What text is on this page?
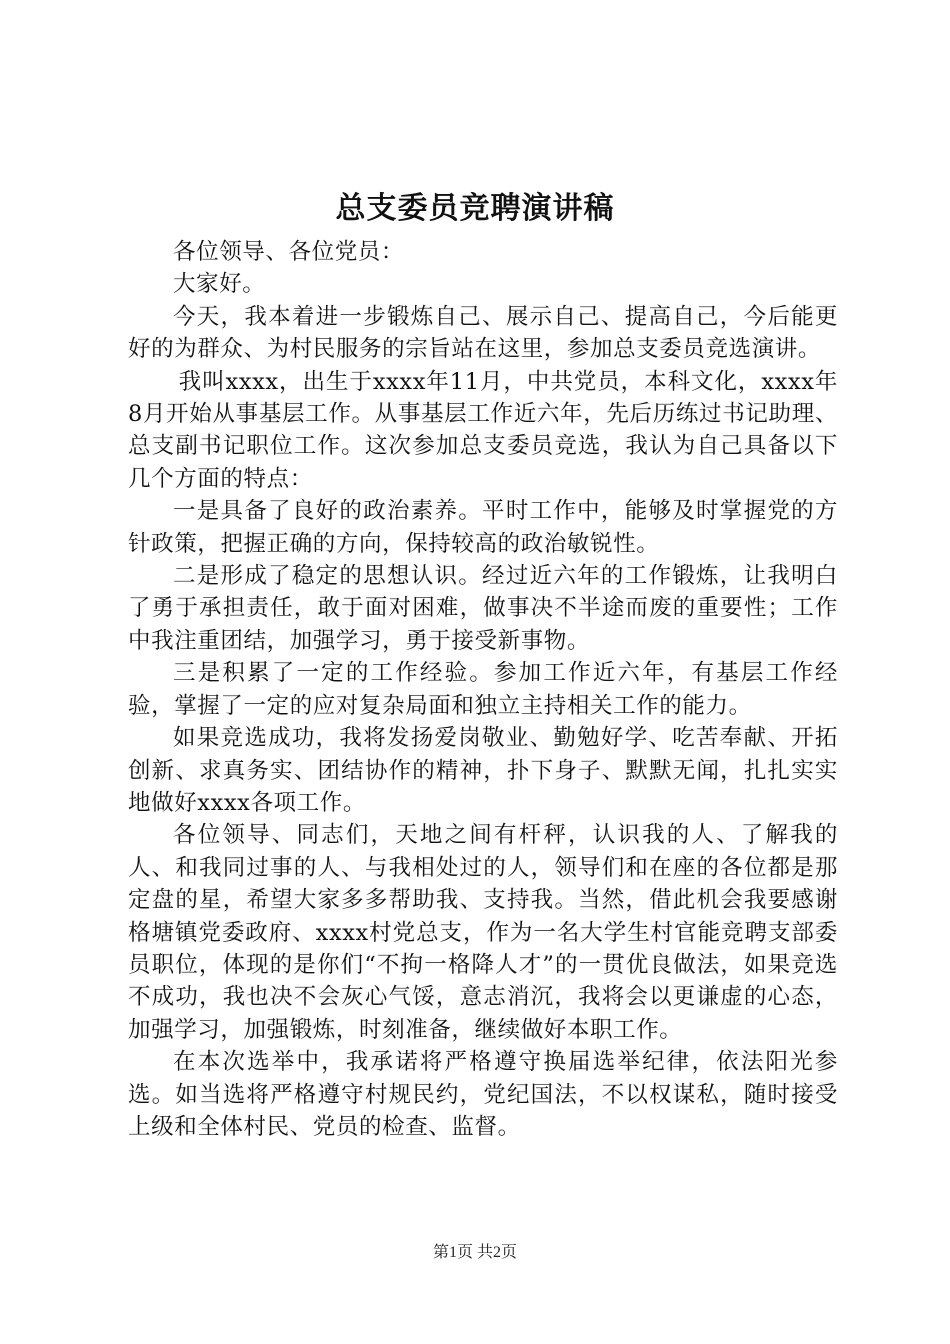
总支委员竞聘演讲稿

各位领导、各位党员：

大家好。

今天，我本着进一步锻炼自己、展示自己、提高自己，今后能更好的为群众、为村民服务的宗旨站在这里，参加总支委员竞选演讲。

我叫xxxx，出生于xxxx年11月，中共党员，本科文化，xxxx年8月开始从事基层工作。从事基层工作近六年，先后历练过书记助理、总支副书记职位工作。这次参加总支委员竞选，我认为自己具备以下几个方面的特点：

一是具备了良好的政治素养。平时工作中，能够及时掌握党的方针政策，把握正确的方向，保持较高的政治敏锐性。

二是形成了稳定的思想认识。经过近六年的工作锻炼，让我明白了勇于承担责任，敢于面对困难，做事决不半途而废的重要性；工作中我注重团结，加强学习，勇于接受新事物。

三是积累了一定的工作经验。参加工作近六年，有基层工作经验，掌握了一定的应对复杂局面和独立主持相关工作的能力。

如果竞选成功，我将发扬爱岗敬业、勤勉好学、吃苦奉献、开拓创新、求真务实、团结协作的精神，扑下身子、默默无闻，扎扎实实地做好xxxx各项工作。

各位领导、同志们，天地之间有杆秤，认识我的人、了解我的人、和我同过事的人、与我相处过的人，领导们和在座的各位都是那定盘的星，希望大家多多帮助我、支持我。当然，借此机会我要感谢格塘镇党委政府、xxxx村党总支，作为一名大学生村官能竞聘支部委员职位，体现的是你们“不拘一格降人才”的一贯优良做法，如果竞选不成功，我也决不会灰心气馁，意志消沉，我将会以更谦虚的心态，加强学习，加强锻炼，时刻准备，继续做好本职工作。

在本次选举中，我承诺将严格遵守换届选举纪律，依法阳光参选。如当选将严格遵守村规民约，党纪国法，不以权谋私，随时接受上级和全体村民、党员的检查、监督。

第1页 共2页
